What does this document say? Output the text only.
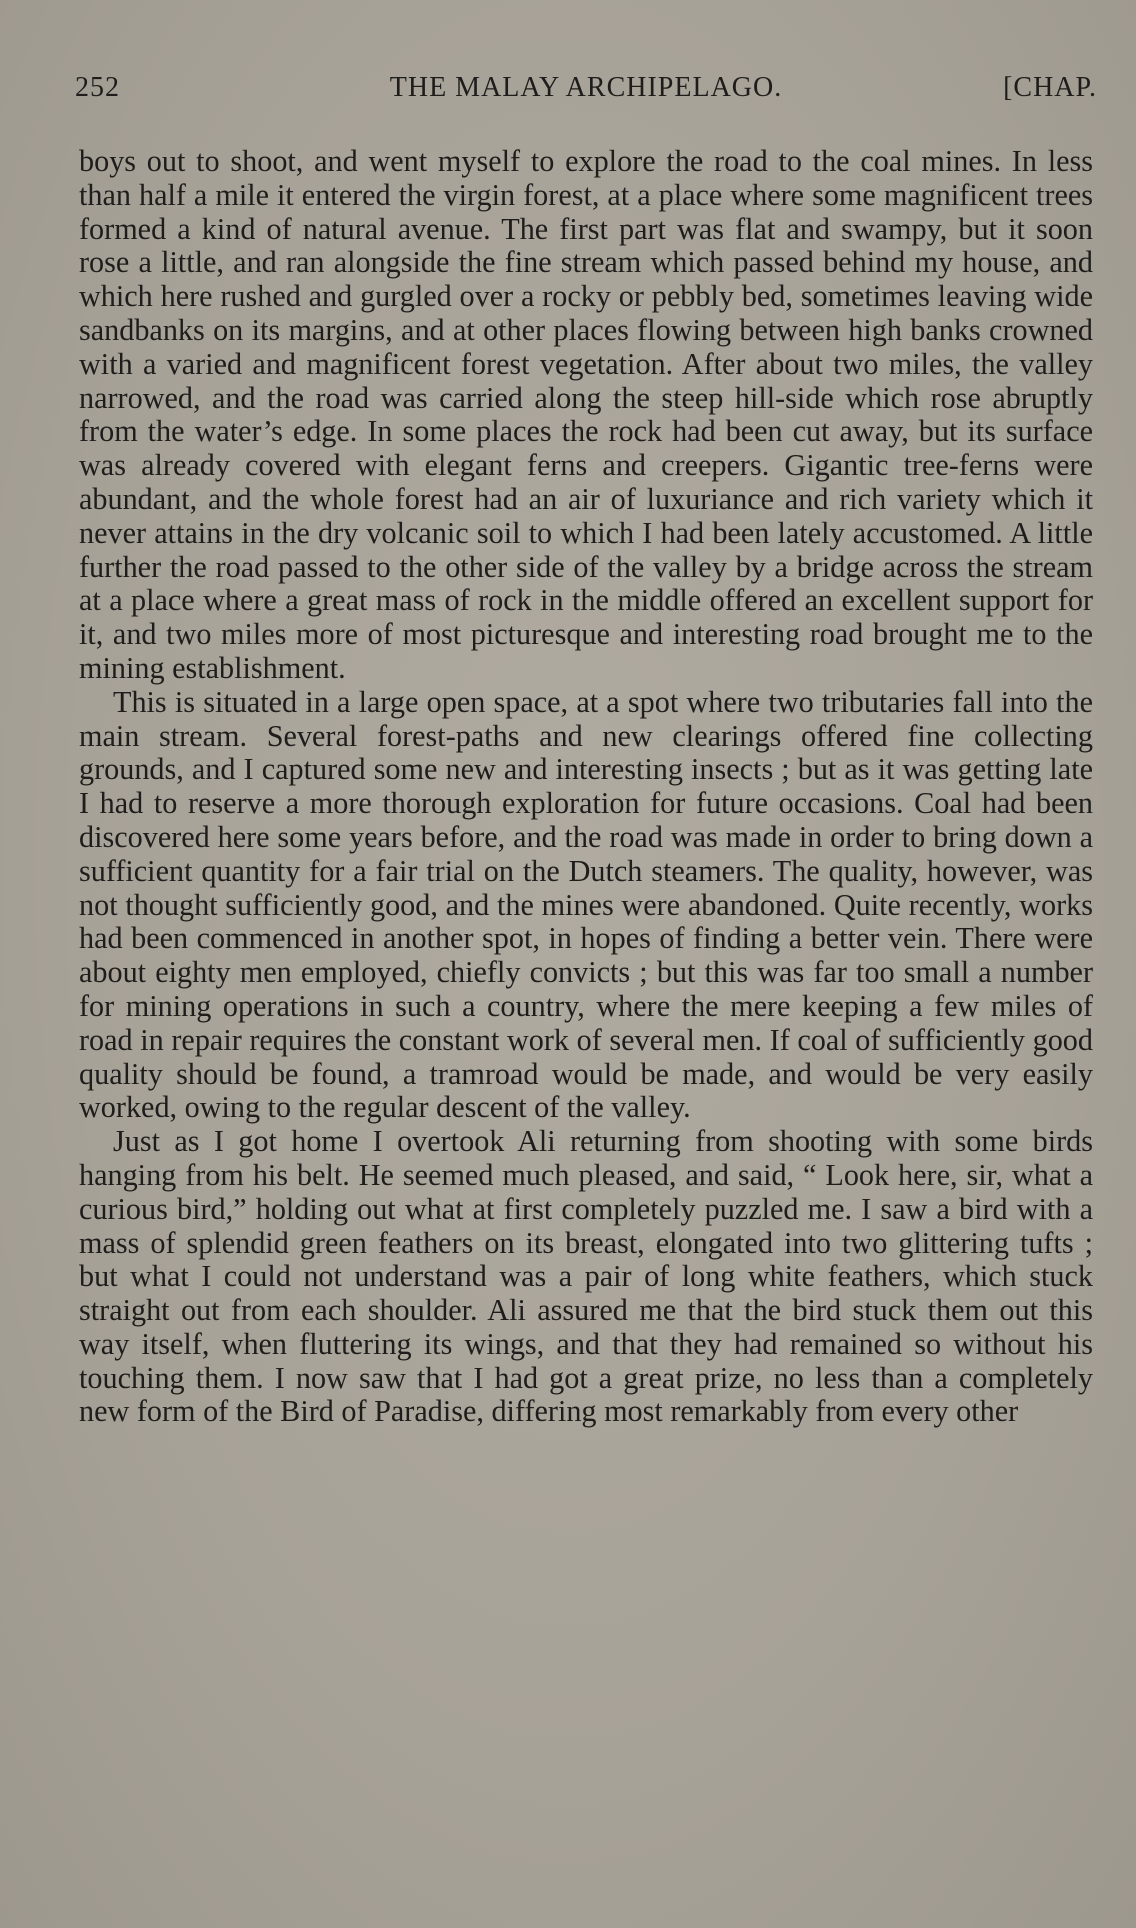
252	THE MALAY ARCHIPELAGO.	[CHAP.

boys out to shoot, and went myself to explore the road to the coal mines. In less than half a mile it entered the virgin forest, at a place where some magnificent trees formed a kind of natural avenue. The first part was flat and swampy, but it soon rose a little, and ran alongside the fine stream which passed behind my house, and which here rushed and gurgled over a rocky or pebbly bed, sometimes leaving wide sandbanks on its margins, and at other places flowing between high banks crowned with a varied and magnificent forest vegetation. After about two miles, the valley narrowed, and the road was carried along the steep hill-side which rose abruptly from the water’s edge. In some places the rock had been cut away, but its surface was already covered with elegant ferns and creepers. Gigantic tree-ferns were abundant, and the whole forest had an air of luxuriance and rich variety which it never attains in the dry volcanic soil to which I had been lately accustomed. A little further the road passed to the other side of the valley by a bridge across the stream at a place where a great mass of rock in the middle offered an excellent support for it, and two miles more of most picturesque and interesting road brought me to the mining establishment.

This is situated in a large open space, at a spot where two tributaries fall into the main stream. Several forest-paths and new clearings offered fine collecting grounds, and I captured some new and interesting insects ; but as it was getting late I had to reserve a more thorough exploration for future occasions. Coal had been discovered here some years before, and the road was made in order to bring down a sufficient quantity for a fair trial on the Dutch steamers. The quality, however, was not thought sufficiently good, and the mines were abandoned. Quite recently, works had been commenced in another spot, in hopes of finding a better vein. There were about eighty men employed, chiefly convicts ; but this was far too small a number for mining operations in such a country, where the mere keeping a few miles of road in repair requires the constant work of several men. If coal of sufficiently good quality should be found, a tramroad would be made, and would be very easily worked, owing to the regular descent of the valley.

Just as I got home I overtook Ali returning from shooting with some birds hanging from his belt. He seemed much pleased, and said, “ Look here, sir, what a curious bird,” holding out what at first completely puzzled me. I saw a bird with a mass of splendid green feathers on its breast, elongated into two glittering tufts ; but what I could not understand was a pair of long white feathers, which stuck straight out from each shoulder. Ali assured me that the bird stuck them out this way itself, when fluttering its wings, and that they had remained so without his touching them. I now saw that I had got a great prize, no less than a completely new form of the Bird of Paradise, differing most remarkably from every other
